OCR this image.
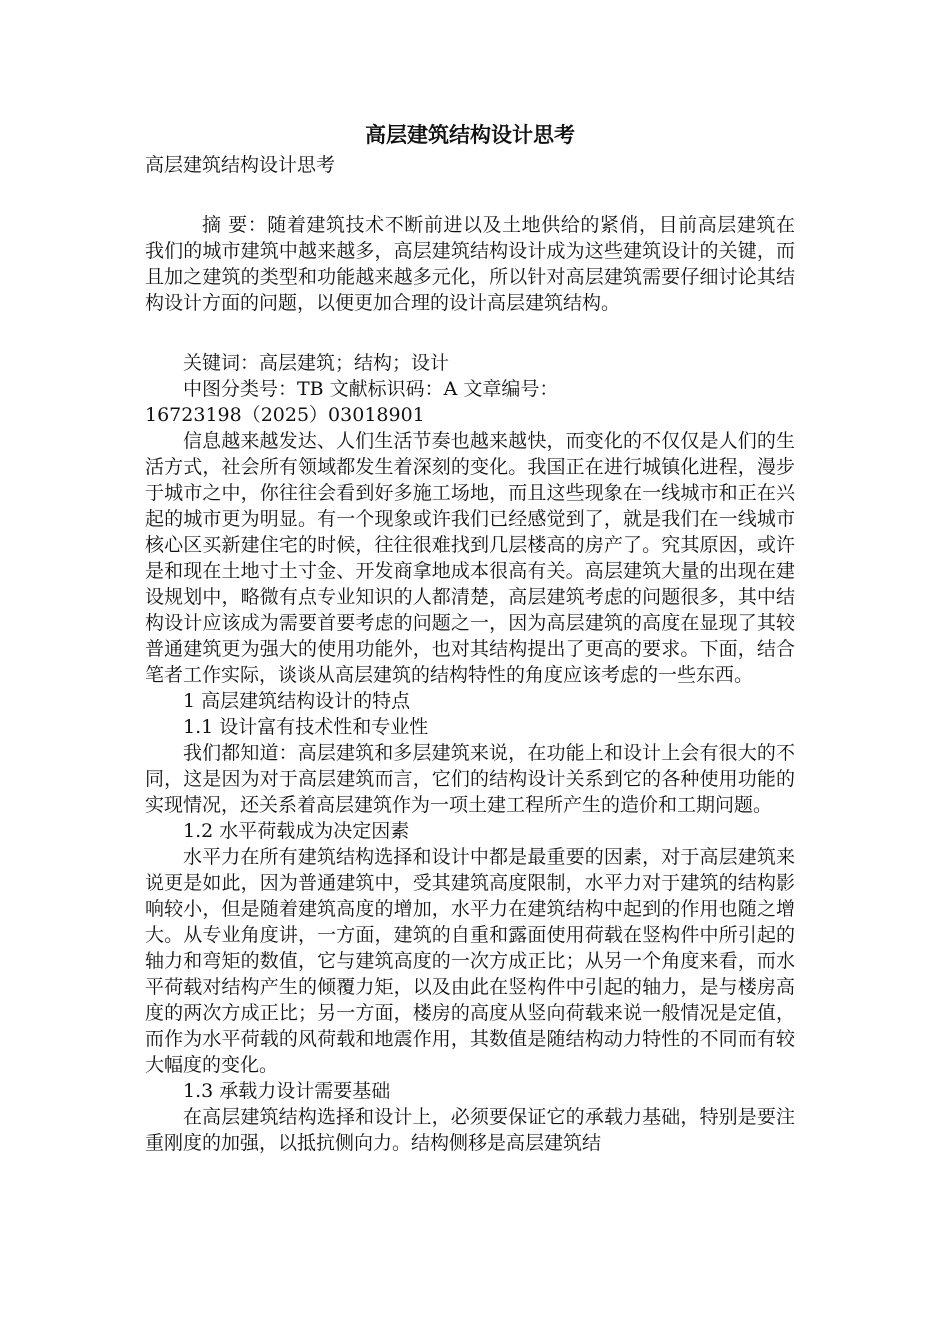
高层建筑结构设计思考

高层建筑结构设计思考

摘 要：随着建筑技术不断前进以及土地供给的紧俏，目前高层建筑在我们的城市建筑中越来越多，高层建筑结构设计成为这些建筑设计的关键，而且加之建筑的类型和功能越来越多元化，所以针对高层建筑需要仔细讨论其结构设计方面的问题，以便更加合理的设计高层建筑结构。

关键词：高层建筑；结构；设计

中图分类号：TB 文献标识码：A 文章编号：

16723198（2025）03018901

信息越来越发达、人们生活节奏也越来越快，而变化的不仅仅是人们的生活方式，社会所有领域都发生着深刻的变化。我国正在进行城镇化进程，漫步于城市之中，你往往会看到好多施工场地，而且这些现象在一线城市和正在兴起的城市更为明显。有一个现象或许我们已经感觉到了，就是我们在一线城市核心区买新建住宅的时候，往往很难找到几层楼高的房产了。究其原因，或许是和现在土地寸土寸金、开发商拿地成本很高有关。高层建筑大量的出现在建设规划中，略微有点专业知识的人都清楚，高层建筑考虑的问题很多，其中结构设计应该成为需要首要考虑的问题之一，因为高层建筑的高度在显现了其较普通建筑更为强大的使用功能外，也对其结构提出了更高的要求。下面，结合笔者工作实际，谈谈从高层建筑的结构特性的角度应该考虑的一些东西。

1 高层建筑结构设计的特点

1.1 设计富有技术性和专业性

我们都知道：高层建筑和多层建筑来说，在功能上和设计上会有很大的不同，这是因为对于高层建筑而言，它们的结构设计关系到它的各种使用功能的实现情况，还关系着高层建筑作为一项土建工程所产生的造价和工期问题。

1.2 水平荷载成为决定因素

水平力在所有建筑结构选择和设计中都是最重要的因素，对于高层建筑来说更是如此，因为普通建筑中，受其建筑高度限制，水平力对于建筑的结构影响较小，但是随着建筑高度的增加，水平力在建筑结构中起到的作用也随之增大。从专业角度讲，一方面，建筑的自重和露面使用荷载在竖构件中所引起的轴力和弯矩的数值，它与建筑高度的一次方成正比；从另一个角度来看，而水平荷载对结构产生的倾覆力矩，以及由此在竖构件中引起的轴力，是与楼房高度的两次方成正比；另一方面，楼房的高度从竖向荷载来说一般情况是定值，而作为水平荷载的风荷载和地震作用，其数值是随结构动力特性的不同而有较大幅度的变化。

1.3 承载力设计需要基础

在高层建筑结构选择和设计上，必须要保证它的承载力基础，特别是要注重刚度的加强，以抵抗侧向力。结构侧移是高层建筑结
